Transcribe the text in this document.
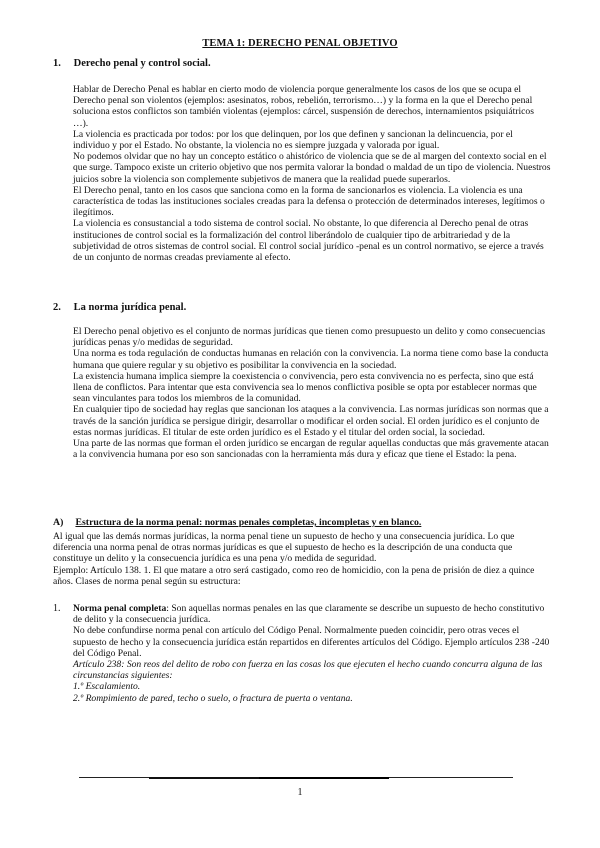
TEMA 1: DERECHO PENAL OBJETIVO
1. Derecho penal y control social.

Hablar de Derecho Penal es hablar en cierto modo de violencia porque generalmente los casos de los que se ocupa el Derecho penal son violentos (ejemplos: asesinatos, robos, rebelión, terrorismo…) y la forma en la que el Derecho penal soluciona estos conflictos son también violentas (ejemplos: cárcel, suspensión de derechos, internamientos psiquiátricos …).

La violencia es practicada por todos: por los que delinquen, por los que definen y sancionan la delincuencia, por el individuo y por el Estado. No obstante, la violencia no es siempre juzgada y valorada por igual.

No podemos olvidar que no hay un concepto estático o ahistórico de violencia que se de al margen del contexto social en el que surge. Tampoco existe un criterio objetivo que nos permita valorar la bondad o maldad de un tipo de violencia. Nuestros juicios sobre la violencia son complemente subjetivos de manera que la realidad puede superarlos.

El Derecho penal, tanto en los casos que sanciona como en la forma de sancionarlos es violencia. La violencia es una característica de todas las instituciones sociales creadas para la defensa o protección de determinados intereses, legítimos o ilegítimos.

La violencia es consustancial a todo sistema de control social. No obstante, lo que diferencia al Derecho penal de otras instituciones de control social es la formalización del control liberándolo de cualquier tipo de arbitrariedad y de la subjetividad de otros sistemas de control social. El control social jurídico -penal es un control normativo, se ejerce a través de un conjunto de normas creadas previamente al efecto.

2. La norma jurídica penal.

El Derecho penal objetivo es el conjunto de normas jurídicas que tienen como presupuesto un delito y como consecuencias jurídicas penas y/o medidas de seguridad.

Una norma es toda regulación de conductas humanas en relación con la convivencia. La norma tiene como base la conducta humana que quiere regular y su objetivo es posibilitar la convivencia en la sociedad.

La existencia humana implica siempre la coexistencia o convivencia, pero esta convivencia no es perfecta, sino que está llena de conflictos. Para intentar que esta convivencia sea lo menos conflictiva posible se opta por establecer normas que sean vinculantes para todos los miembros de la comunidad.

En cualquier tipo de sociedad hay reglas que sancionan los ataques a la convivencia. Las normas jurídicas son normas que a través de la sanción jurídica se persigue dirigir, desarrollar o modificar el orden social. El orden jurídico es el conjunto de estas normas jurídicas. El titular de este orden jurídico es el Estado y el titular del orden social, la sociedad.

Una parte de las normas que forman el orden jurídico se encargan de regular aquellas conductas que más gravemente atacan a la convivencia humana por eso son sancionadas con la herramienta más dura y eficaz que tiene el Estado: la pena.

A) Estructura de la norma penal: normas penales completas, incompletas y en blanco.

Al igual que las demás normas jurídicas, la norma penal tiene un supuesto de hecho y una consecuencia jurídica. Lo que diferencia una norma penal de otras normas jurídicas es que el supuesto de hecho es la descripción de una conducta que constituye un delito y la consecuencia jurídica es una pena y/o medida de seguridad.

Ejemplo: Artículo 138. 1. El que matare a otro será castigado, como reo de homicidio, con la pena de prisión de diez a quince años. Clases de norma penal según su estructura:

1. Norma penal completa: Son aquellas normas penales en las que claramente se describe un supuesto de hecho constitutivo de delito y la consecuencia jurídica.

No debe confundirse norma penal con artículo del Código Penal. Normalmente pueden coincidir, pero otras veces el supuesto de hecho y la consecuencia jurídica están repartidos en diferentes artículos del Código. Ejemplo artículos 238 -240 del Código Penal.

Artículo 238: Son reos del delito de robo con fuerza en las cosas los que ejecuten el hecho cuando concurra alguna de las circunstancias siguientes:

1.º Escalamiento.

2.º Rompimiento de pared, techo o suelo, o fractura de puerta o ventana.

1
